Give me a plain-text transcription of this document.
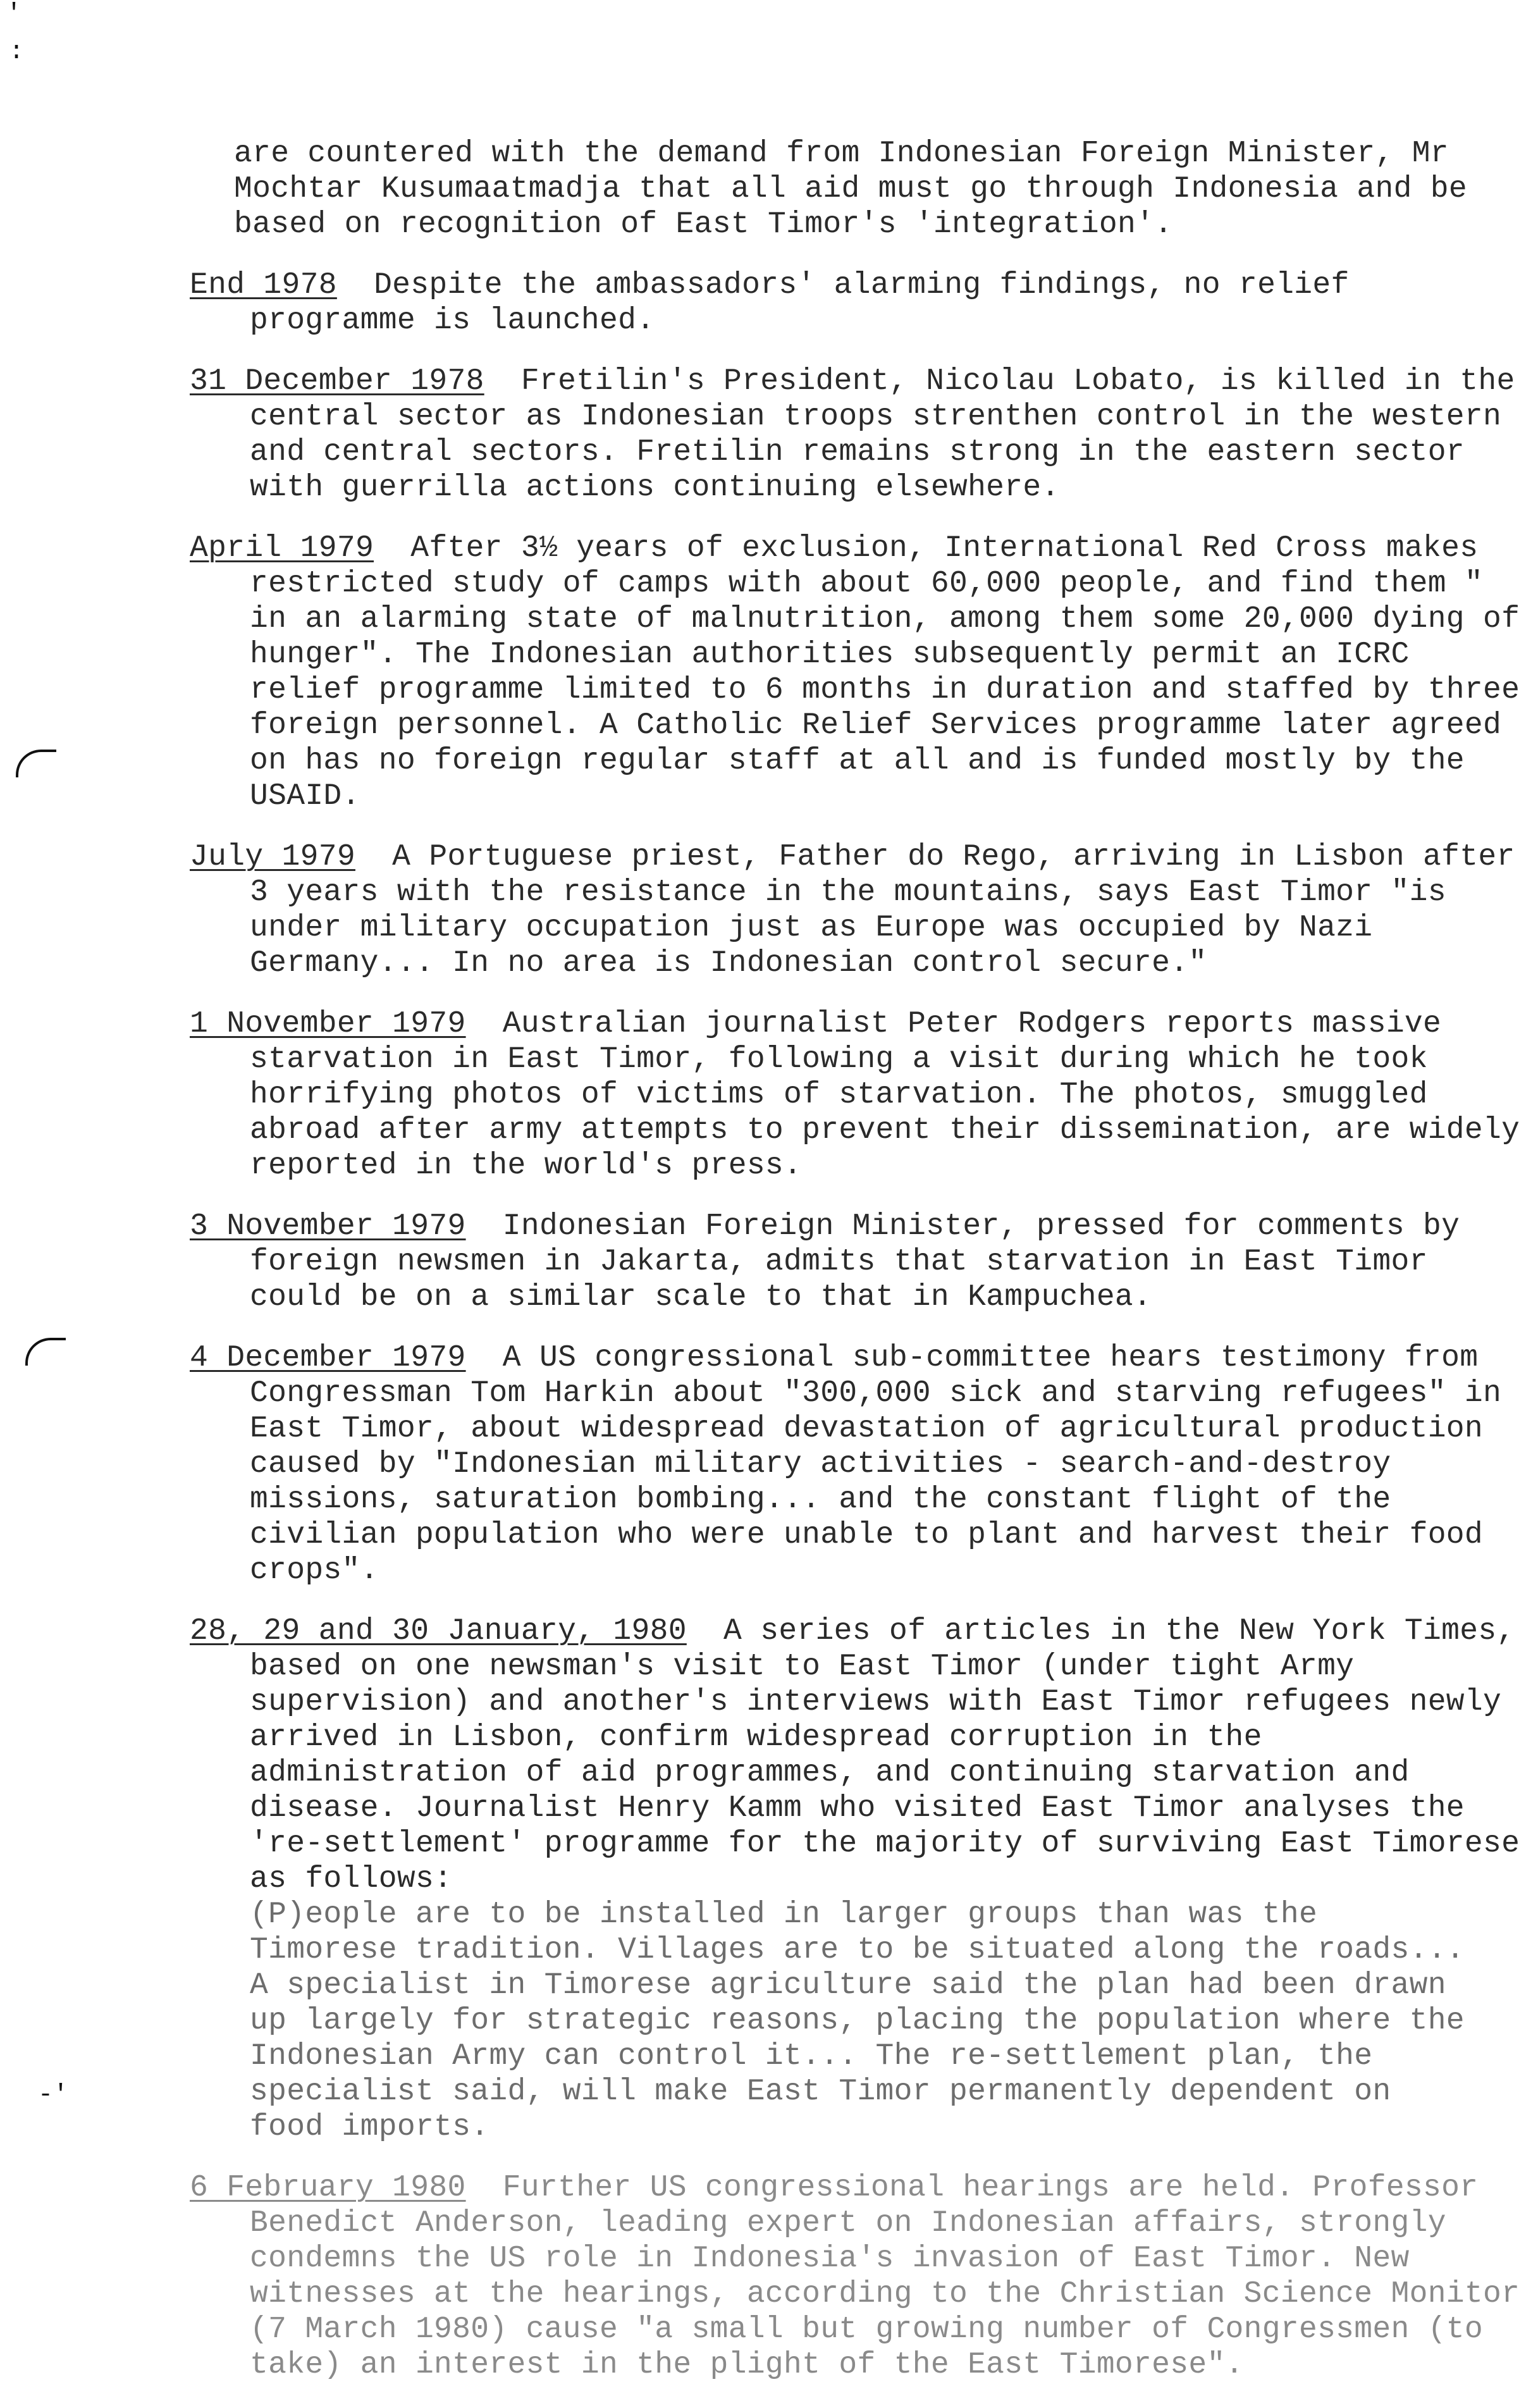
'
:
-'

are countered with the demand from Indonesian Foreign Minister, Mr Mochtar Kusumaatmadja that all aid must go through Indonesia and be based on recognition of East Timor's 'integration'.

End 1978 Despite the ambassadors' alarming findings, no relief programme is launched.

31 December 1978 Fretilin's President, Nicolau Lobato, is killed in the central sector as Indonesian troops strenthen control in the western and central sectors. Fretilin remains strong in the eastern sector with guerrilla actions continuing elsewhere.

April 1979 After 3½ years of exclusion, International Red Cross makes restricted study of camps with about 60,000 people, and find them " in an alarming state of malnutrition, among them some 20,000 dying of hunger". The Indonesian authorities subsequently permit an ICRC relief programme limited to 6 months in duration and staffed by three foreign personnel. A Catholic Relief Services programme later agreed on has no foreign regular staff at all and is funded mostly by the USAID.

July 1979 A Portuguese priest, Father do Rego, arriving in Lisbon after 3 years with the resistance in the mountains, says East Timor "is under military occupation just as Europe was occupied by Nazi Germany... In no area is Indonesian control secure."

1 November 1979 Australian journalist Peter Rodgers reports massive starvation in East Timor, following a visit during which he took horrifying photos of victims of starvation. The photos, smuggled abroad after army attempts to prevent their dissemination, are widely reported in the world's press.

3 November 1979 Indonesian Foreign Minister, pressed for comments by foreign newsmen in Jakarta, admits that starvation in East Timor could be on a similar scale to that in Kampuchea.

4 December 1979 A US congressional sub-committee hears testimony from Congressman Tom Harkin about "300,000 sick and starving refugees" in East Timor, about widespread devastation of agricultural production caused by "Indonesian military activities - search-and-destroy missions, saturation bombing... and the constant flight of the civilian population who were unable to plant and harvest their food crops".

28, 29 and 30 January, 1980 A series of articles in the New York Times, based on one newsman's visit to East Timor (under tight Army supervision) and another's interviews with East Timor refugees newly arrived in Lisbon, confirm widespread corruption in the administration of aid programmes, and continuing starvation and disease. Journalist Henry Kamm who visited East Timor analyses the 're-settlement' programme for the majority of surviving East Timorese as follows:

(P)eople are to be installed in larger groups than was the Timorese tradition. Villages are to be situated along the roads... A specialist in Timorese agriculture said the plan had been drawn up largely for strategic reasons, placing the population where the Indonesian Army can control it... The re-settlement plan, the specialist said, will make East Timor permanently dependent on food imports.

6 February 1980 Further US congressional hearings are held. Professor Benedict Anderson, leading expert on Indonesian affairs, strongly condemns the US role in Indonesia's invasion of East Timor. New witnesses at the hearings, according to the Christian Science Monitor (7 March 1980) cause "a small but growing number of Congressmen (to take) an interest in the plight of the East Timorese".
